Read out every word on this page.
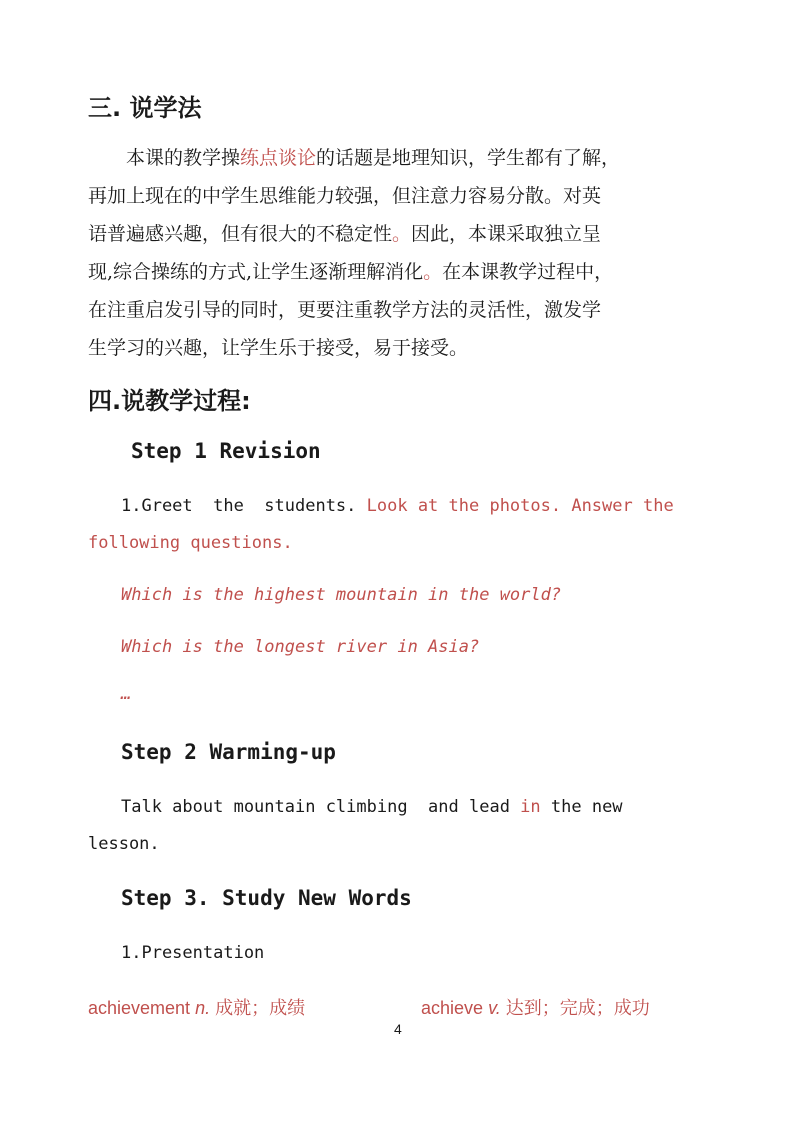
三. 说学法
本课的教学操练点谈论的话题是地理知识，学生都有了解，
再加上现在的中学生思维能力较强，但注意力容易分散。对英
语普遍感兴趣，但有很大的不稳定性。因此，本课采取独立呈
现,综合操练的方式,让学生逐渐理解消化。在本课教学过程中，
在注重启发引导的同时，更要注重教学方法的灵活性，激发学
生学习的兴趣，让学生乐于接受，易于接受。
四.说教学过程:
Step 1 Revision
1.Greet  the  students. Look at the photos. Answer the
following questions.
Which is the highest mountain in the world?
Which is the longest river in Asia?
…
Step 2 Warming-up
Talk about mountain climbing  and lead in the new
lesson.
Step 3. Study New Words
1.Presentation
achievement n. 成就；成绩	achieve v. 达到；完成；成功
4
